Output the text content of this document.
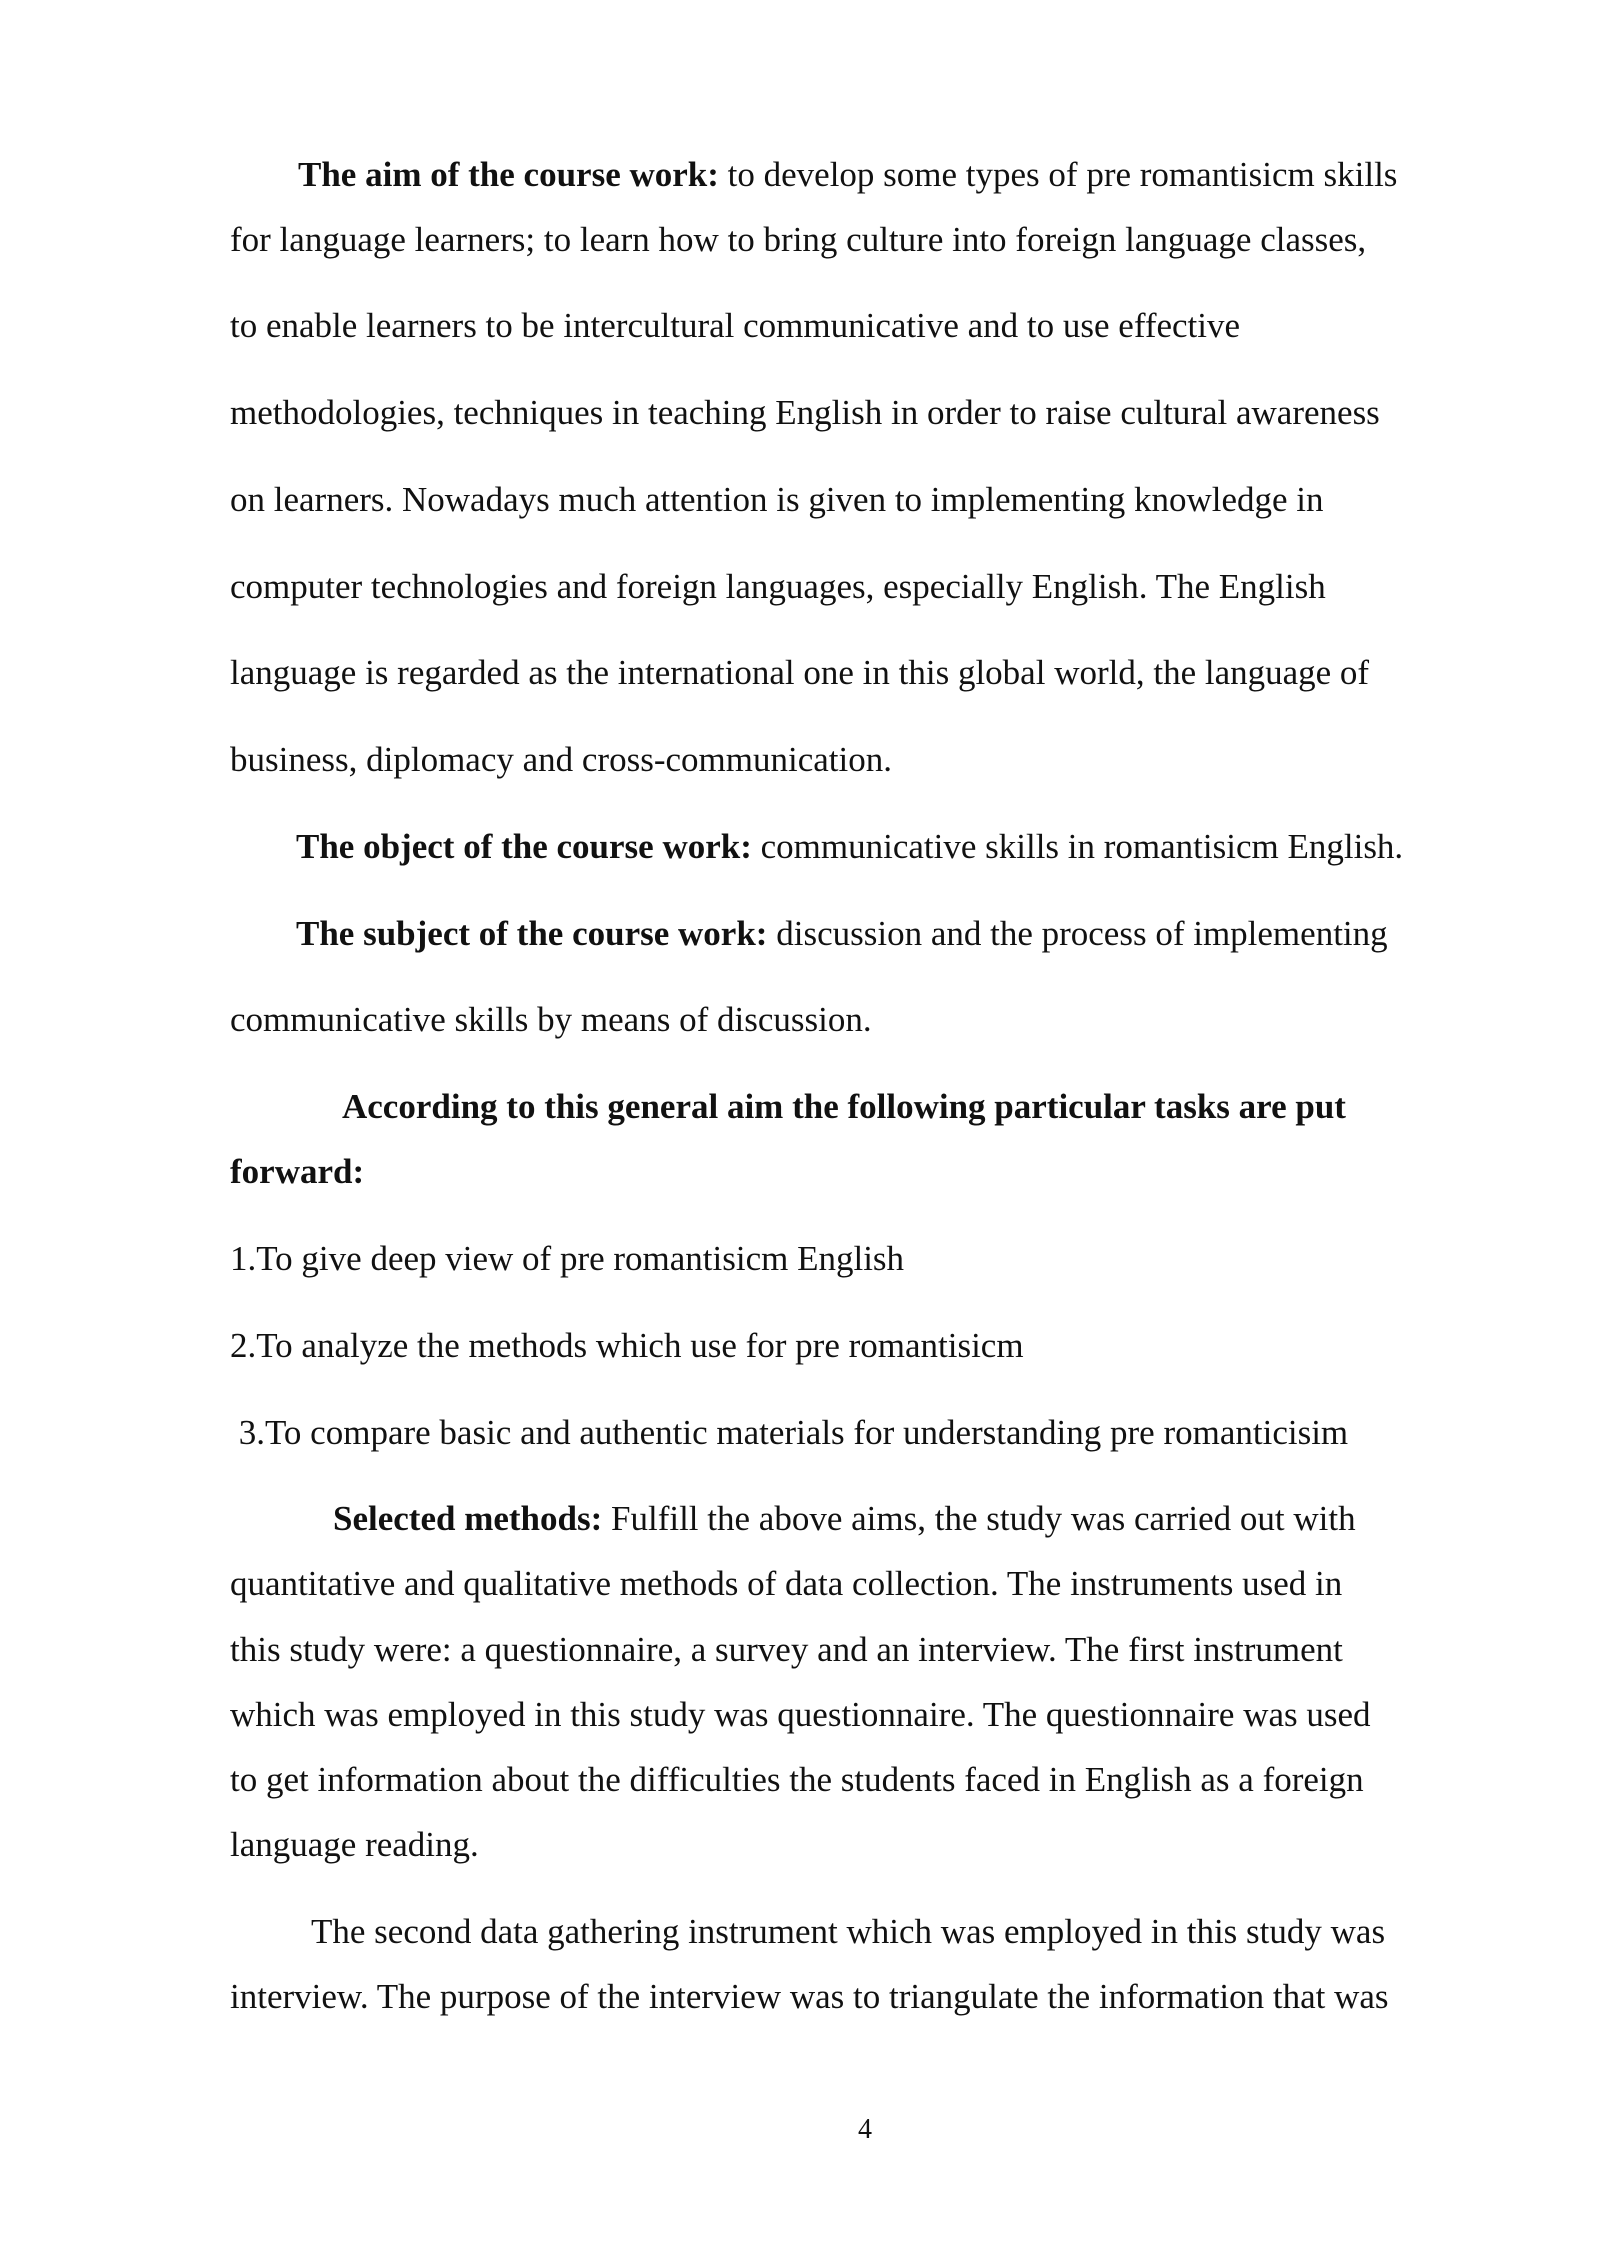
The aim of the course work: to develop some types of pre romantisicm skills
for language learners; to learn how to bring culture into foreign language classes,
to enable learners to be intercultural communicative and to use effective
methodologies, techniques in teaching English in order to raise cultural awareness
on learners. Nowadays much attention is given to implementing knowledge in
computer technologies and foreign languages, especially English. The English
language is regarded as the international one in this global world, the language of
business, diplomacy and cross-communication.
The object of the course work: communicative skills in romantisicm English.
The subject of the course work: discussion and the process of implementing
communicative skills by means of discussion.
According to this general aim the following particular tasks are put
forward:
1.To give deep view of pre romantisicm English
2.To analyze the methods which use for pre romantisicm
3.To compare basic and authentic materials for understanding pre romanticisim
Selected methods: Fulfill the above aims, the study was carried out with
quantitative and qualitative methods of data collection. The instruments used in
this study were: a questionnaire, a survey and an interview. The first instrument
which was employed in this study was questionnaire. The questionnaire was used
to get information about the difficulties the students faced in English as a foreign
language reading.
The second data gathering instrument which was employed in this study was
interview. The purpose of the interview was to triangulate the information that was
4
